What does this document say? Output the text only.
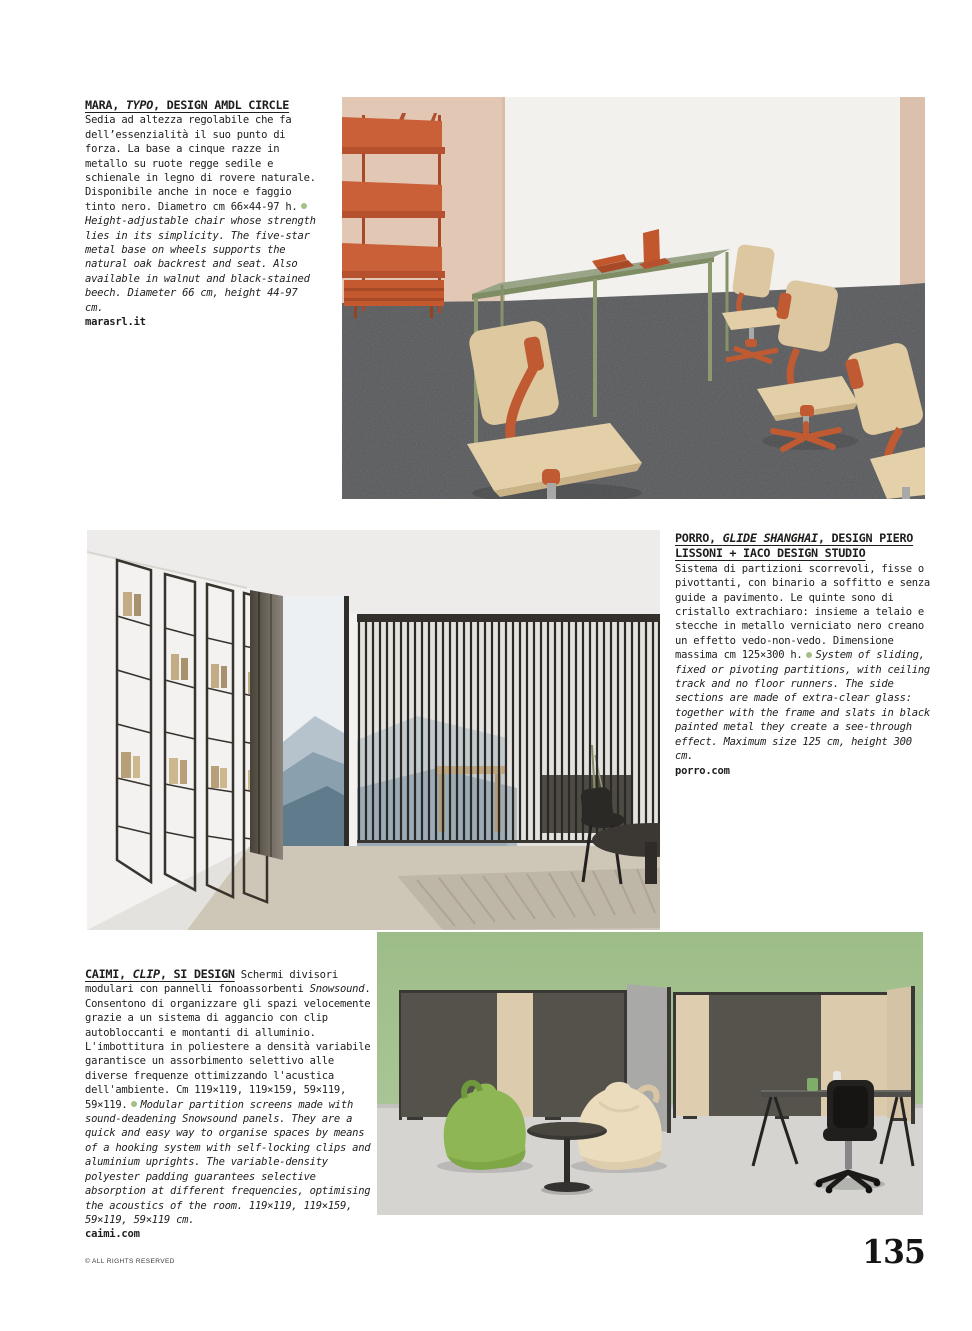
MARA, TYPO, DESIGN AMDL CIRCLE
Sedia ad altezza regolabile che fa dell’essenzialità il suo punto di forza. La base a cinque razze in metallo su ruote regge sedile e schienale in legno di rovere naturale. Disponibile anche in noce e faggio tinto nero. Diametro cm 66×44-97 h.Height-adjustable chair whose strength lies in its simplicity. The five-star metal base on wheels supports the natural oak backrest and seat. Also available in walnut and black-stained beech. Diameter 66 cm, height 44-97 cm.
marasrl.it
PORRO, GLIDE SHANGHAI, DESIGN PIERO LISSONI + IACO DESIGN STUDIO
Sistema di partizioni scorrevoli, fisse o pivottanti, con binario a soffitto e senza guide a pavimento. Le quinte sono di cristallo extrachiaro: insieme a telaio e stecche in metallo verniciato nero creano un effetto vedo-non-vedo. Dimensione massima cm 125×300 h. System of sliding, fixed or pivoting partitions, with ceiling track and no floor runners. The side sections are made of extra-clear glass: together with the frame and slats in black painted metal they create a see-through effect. Maximum size 125 cm, height 300 cm.
porro.com
CAIMI, CLIP, SI DESIGN Schermi divisori modulari con pannelli fonoassorbenti Snowsound. Consentono di organizzare gli spazi velocemente grazie a un sistema di aggancio con clip autobloccanti e montanti di alluminio. L'imbottitura in poliestere a densità variabile garantisce un assorbimento selettivo alle diverse frequenze ottimizzando l'acustica dell'ambiente. Cm 119×119, 119×159, 59×119, 59×119. Modular partition screens made with sound-deadening Snowsound panels. They are a quick and easy way to organise spaces by means of a hooking system with self-locking clips and aluminium uprights. The variable-density polyester padding guarantees selective absorption at different frequencies, optimising the acoustics of the room. 119×119, 119×159, 59×119, 59×119 cm.
caimi.com
© ALL RIGHTS RESERVED	135
